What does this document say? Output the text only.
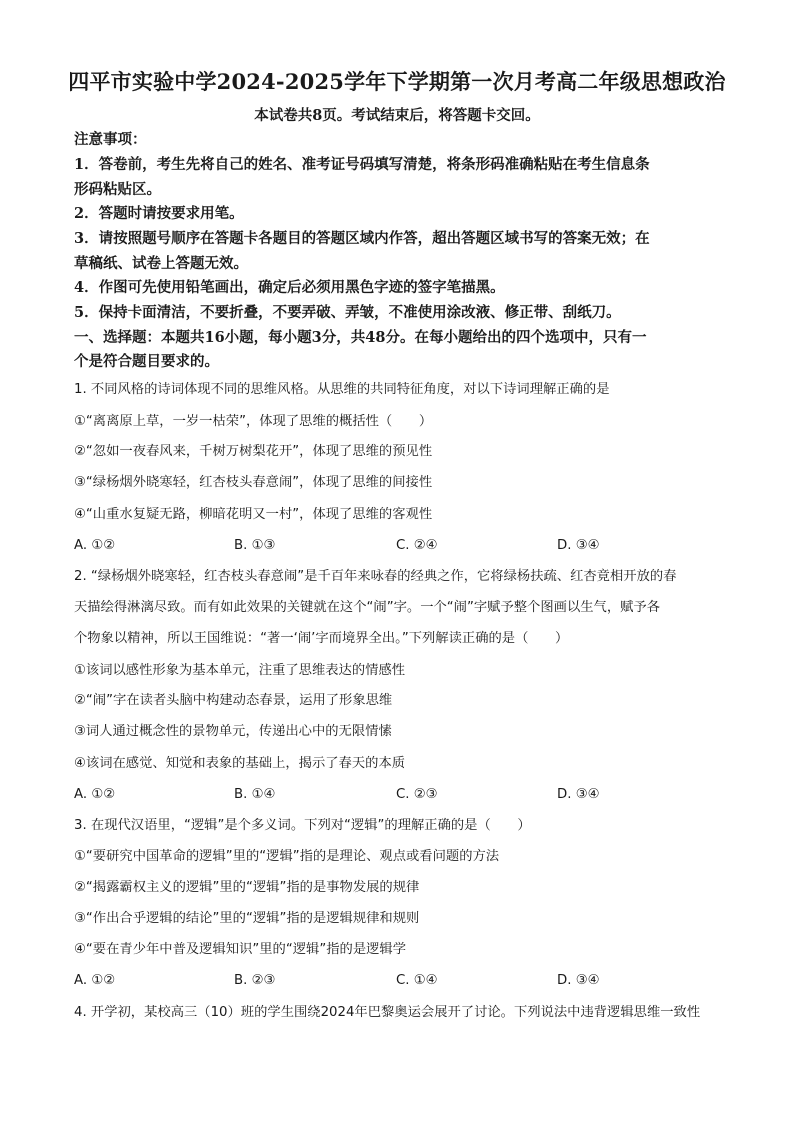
四平市实验中学2024-2025学年下学期第一次月考高二年级思想政治
本试卷共8页。考试结束后，将答题卡交回。
注意事项：
1．答卷前，考生先将自己的姓名、准考证号码填写清楚，将条形码准确粘贴在考生信息条
形码粘贴区。
2．答题时请按要求用笔。
3．请按照题号顺序在答题卡各题目的答题区域内作答，超出答题区域书写的答案无效；在
草稿纸、试卷上答题无效。
4．作图可先使用铅笔画出，确定后必须用黑色字迹的签字笔描黑。
5．保持卡面清洁，不要折叠，不要弄破、弄皱，不准使用涂改液、修正带、刮纸刀。
一、选择题：本题共16小题，每小题3分，共48分。在每小题给出的四个选项中，只有一
个是符合题目要求的。
1. 不同风格的诗词体现不同的思维风格。从思维的共同特征角度，对以下诗词理解正确的是
①“离离原上草，一岁一枯荣”，体现了思维的概括性（　　）
②“忽如一夜春风来，千树万树梨花开”，体现了思维的预见性
③“绿杨烟外晓寒轻，红杏枝头春意闹”，体现了思维的间接性
④“山重水复疑无路，柳暗花明又一村”，体现了思维的客观性
A. ①②	B. ①③	C. ②④	D. ③④
2. “绿杨烟外晓寒轻，红杏枝头春意闹”是千百年来咏春的经典之作，它将绿杨扶疏、红杏竟相开放的春
天描绘得淋漓尽致。而有如此效果的关键就在这个“闹”字。一个“闹”字赋予整个图画以生气，赋予各
个物象以精神，所以王国维说：“著一‘闹’字而境界全出。”下列解读正确的是（　　）
①该词以感性形象为基本单元，注重了思维表达的情感性
②“闹”字在读者头脑中构建动态春景，运用了形象思维
③词人通过概念性的景物单元，传递出心中的无限情愫
④该词在感觉、知觉和表象的基础上，揭示了春天的本质
A. ①②	B. ①④	C. ②③	D. ③④
3. 在现代汉语里，“逻辑”是个多义词。下列对“逻辑”的理解正确的是（　　）
①“要研究中国革命的逻辑”里的“逻辑”指的是理论、观点或看问题的方法
②“揭露霸权主义的逻辑”里的“逻辑”指的是事物发展的规律
③“作出合乎逻辑的结论”里的“逻辑”指的是逻辑规律和规则
④“要在青少年中普及逻辑知识”里的“逻辑”指的是逻辑学
A. ①②	B. ②③	C. ①④	D. ③④
4. 开学初，某校高三（10）班的学生围绕2024年巴黎奥运会展开了讨论。下列说法中违背逻辑思维一致性
